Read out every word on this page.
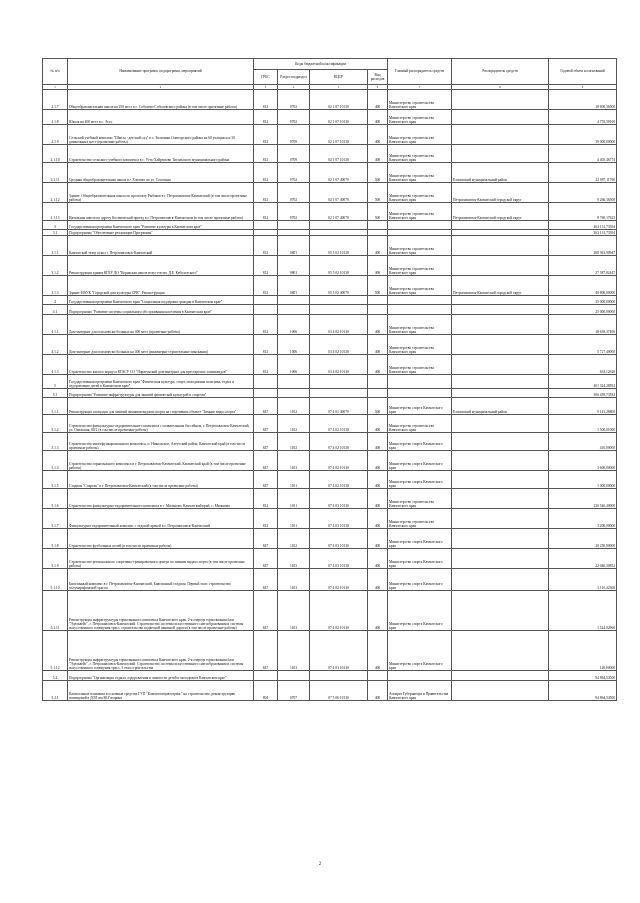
№ п/п	Наименование программ, подпрограмм, мероприятий	Коды бюджетной классификации				Главный распорядитель средств	Распорядитель средств	Годовой объем ассигнований
		ГРБС	Раздел подраздел	КЦСР	Вид расходов			
1	2	3	4	5	6	7	8	9
2.1.7	Общеобразовательная школа на 250 мест в с. Соболево Соболевского района (в том числе проектные работы)	812	0702	02 1 07 10130	400	Министерство строительства Камчатского края		18 600,36500
2.1.8	Школа на 400 мест в с. Эссо	812	0702	02 1 07 10130	400	Министерство строительства Камчатского края		4 755,58100
2.1.9	Сельский учебный комплекс "Школа - детский сад" в с. Тиличики Олюторского района на 60 учащихся и 30 дошкольных мест (проектные работы)	812	0709	02 1 07 10130	400	Министерство строительства Камчатского края		19 000,00000
2.1.10	Строительство сельского учебного комплекса в с. Усть-Хайрюзово Тигильского муниципального района	812	0709	02 1 07 10130	400	Министерство строительства Камчатского края		4 405,46774
2.1.11	Средняя общеобразовательная школа в г. Елизово по ул. Сопочная	812	0702	02 1 07 40070	500	Министерство строительства Камчатского края	Елизовский муниципальный район	22 987,11760
2.1.12	Здание. Общеобразовательная школа по проспекту Рыбаков в г. Петропавловск-Камчатский (в том числе проектные работы)	812	0702	02 1 07 40070	500	Министерство строительства Камчатского края	Петропавловск-Камчатский городской округ	9 266,36500
2.1.13	Начальная школа по адресу Космический проезд в г. Петропавловск-Камчатском (в том числе проектные работы)	812	0702	02 1 07 40070	500	Министерство строительства Камчатского края	Петропавловск-Камчатский городской округ	8 760,17623
3	Государственная программа Камчатского края "Развитие культуры в Камчатском крае"							263 131,73394
3.1	Подпрограмма "Обеспечение реализации Программы"							263 131,73394
3.1.1	Камчатский театр кукол г. Петропавловск-Камчатский	812	0801	05 5 02 10130	400	Министерство строительства Камчатского края		288 943,90947
3.1.2	Реконструкция здания КГБУ ДО "Корякская школа искусств им. Д.Б. Кеболелского"	812	0801	05 5 02 10130	400	Министерство строительства Камчатского края		27 387,82447
3.1.3	Здание МАУК "Городской дом культуры СРВ". Реконструкция	812	0801	05 5 02 40070	500	Министерство строительства Камчатского края	Петропавловск-Камчатский городской округ	46 800,00000
4	Государственная программа Камчатского края "Социальная поддержка граждан в Камчатском крае"							35 000,00000
4.1	Подпрограмма "Развитие системы социального обслуживания населения в Камчатском крае"							25 000,00000
4.1.1	Дом-интернат для психически больных на 400 мест (проектные работы)	812	1006	03 4 02 10130	400	Министерство строительства Камчатского края		18 639,37400
4.1.2	Дом-интернат для психически больных на 400 мест (инженерно-строительные изыскания)	812	1006	03 4 02 10130	400	Министерство строительства Камчатского края		5 727,40000
4.1.3	Строительство жилого корпуса КГАСУ СО "Паратунский дом-интернат для престарелых и инвалидов"	812	1006	03 4 02 10130	400	Министерство строительства Камчатского края		633,12620
5	Государственная программа Камчатского края "Физическая культура, спорт, молодежная политика, отдых и оздоровление детей в Камчатском крае"							401 324,28592
5.1	Подпрограмма "Развитие инфраструктуры для занятий физической культурой и спортом"							306 459,73592
5.1.1	Реконструкция площадок для занятий зимними видами спорта на спортивном объекте "Зимние виды спорта"	847	1102	07 4 01 40070	500	Министерство спорта Камчатского края	Елизовский муниципальный район	9 141,26800
5.1.2	Строительство физкультурно-оздоровительного комплекса с плавательным бассейном, г. Петропавловск-Камчатский, ул. Онежская, 80/2 (в том числе проектные работы)	847	1102	07 4 02 10130	400	Министерство строительства Камчатского края		1 500,01000
5.1.3	Строительство многофункционального комплекса, п. Никольское, Алеутский район, Камчатский край (в том числе проектные работы)	847	1102	07 4 02 10130	400	Министерство спорта Камчатского края		410,00000
5.1.4	Строительство горнолыжного комплекса в г. Петропавловск-Камчатский, Камчатский край (в том числе проектные работы)	847	1103	07 4 02 10130	400	Министерство спорта Камчатского края		3 600,00000
5.1.5	Стадион "Спартак" в г. Петропавловск-Камчатский (в том числе проектные работы)	847	1101	07 4 02 10130	400	Министерство спорта Камчатского края		1 000,00000
5.1.6	Строительство физкультурно-оздоровительного комплекса в с. Мильково, Камчатский край, с. Мильково	812	1101	07 4 03 10130	400	Министерство строительства Камчатского края		230 546,40000
5.1.7	Физкультурно-оздоровительный комплекс с ледовой ареной в г. Петропавловск-Камчатский	812	1101	07 4 03 10130	400	Министерство строительства Камчатского края		3 200,00000
5.1.8	Строительство футбольных полей (в том числе проектные работы)	847	1102	07 4 03 10130	400	Министерство спорта Камчатского края		20 250,00000
5.1.9	Строительство регионального спортивно-тренировочного центра по зимним видам спорта (в том числе проектные работы)	847	1103	07 4 03 10130	400	Министерство спорта Камчатского края		22 046,30852
5.1.10	Биатлонный комплекс в г. Петропавловск-Камчатский. Биатлонный стадион. Первый этап: строительство полумарафонской трассы	847	1103	07 4 02 10130	400	Министерство спорта Камчатского края		3 110,42300
5.1.11	Реконструкция инфраструктуры горнолыжного комплекса Камчатского края. 2-я очередь горнолыжная база "Эдельвейс", г. Петропавловск-Камчатский. Строительство системы искусственного снегообразования и системы искусственного освещения трасс, строительство подвесной канатной дороги (в том числе проектные работы)	847	1103	07 4 02 10130	400	Министерство спорта Камчатского края		1 524,02960
5.1.12	Реконструкция инфраструктуры горнолыжного комплекса Камчатского края. 2-я очередь горнолыжная база "Эдельвейс", г. Петропавловск-Камчатский. Строительство системы искусственного снегообразования и системы искусственного освещения трасс, 3 этап строительства	847	1103	07 4 03 10130	400	Министерство спорта Камчатского края		120,00000
5.2	Подпрограмма "Организация отдыха, оздоровления и занятости детей и молодежи в Камчатском крае"							94 864,54500
5.2.1	Капитальные вложения в основные средства ГУП "Камчатспецавтотранс" на строительство, реконструкцию помещений в ДОЛ им.Ю.Гагарина	804	0707	07 5 06 10130	400	Аппарат Губернатора и Правительства Камчатского края		94 864,54500
2
